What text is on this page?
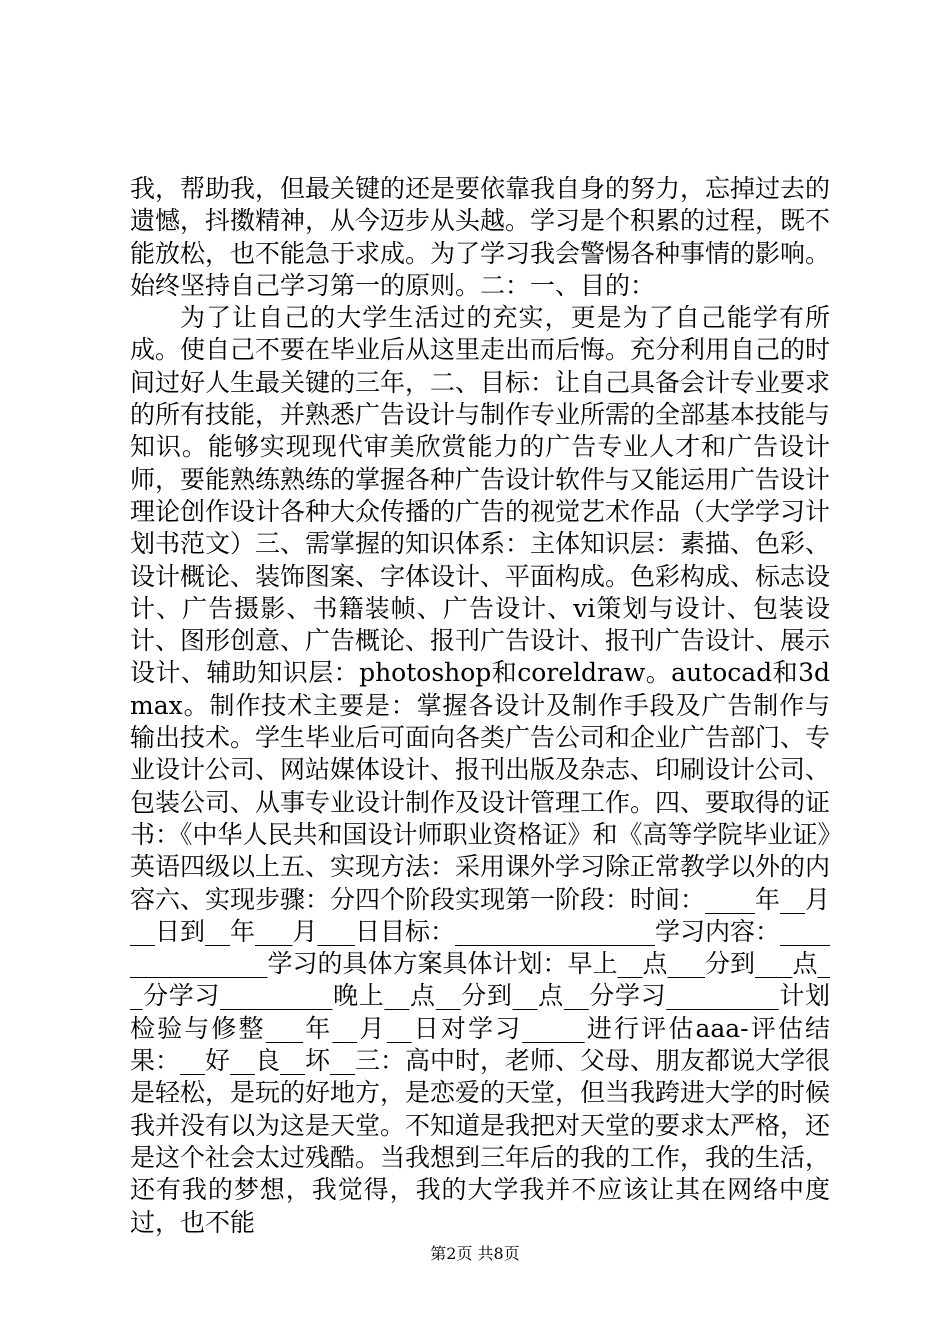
我，帮助我，但最关键的还是要依靠我自身的努力，忘掉过去的遗憾，抖擞精神，从今迈步从头越。学习是个积累的过程，既不能放松，也不能急于求成。为了学习我会警惕各种事情的影响。始终坚持自己学习第一的原则。二：一、目的：

为了让自己的大学生活过的充实，更是为了自己能学有所成。使自己不要在毕业后从这里走出而后悔。充分利用自己的时间过好人生最关键的三年，二、目标：让自己具备会计专业要求的所有技能，并熟悉广告设计与制作专业所需的全部基本技能与知识。能够实现现代审美欣赏能力的广告专业人才和广告设计师，要能熟练熟练的掌握各种广告设计软件与又能运用广告设计理论创作设计各种大众传播的广告的视觉艺术作品（大学学习计划书范文）三、需掌握的知识体系：主体知识层：素描、色彩、设计概论、装饰图案、字体设计、平面构成。色彩构成、标志设计、广告摄影、书籍装帧、广告设计、vi策划与设计、包装设计、图形创意、广告概论、报刊广告设计、报刊广告设计、展示设计、辅助知识层：photoshop和coreldraw。autocad和3dmax。制作技术主要是：掌握各设计及制作手段及广告制作与输出技术。学生毕业后可面向各类广告公司和企业广告部门、专业设计公司、网站媒体设计、报刊出版及杂志、印刷设计公司、包装公司、从事专业设计制作及设计管理工作。四、要取得的证书：《中华人民共和国设计师职业资格证》和《高等学院毕业证》英语四级以上五、实现方法：采用课外学习除正常教学以外的内容六、实现步骤：分四个阶段实现第一阶段：时间：____年__月__日到__年___月___日目标：________________学习内容：_______________学习的具体方案具体计划：早上__点___分到___点__分学习_________晚上__点__分到__点__分学习_________计划检验与修整___年__月__日对学习_____进行评估aaa-评估结果：__好__良__坏__三：高中时，老师、父母、朋友都说大学很是轻松，是玩的好地方，是恋爱的天堂，但当我跨进大学的时候我并没有以为这是天堂。不知道是我把对天堂的要求太严格，还是这个社会太过残酷。当我想到三年后的我的工作，我的生活，还有我的梦想，我觉得，我的大学我并不应该让其在网络中度过，也不能

第2页 共8页
